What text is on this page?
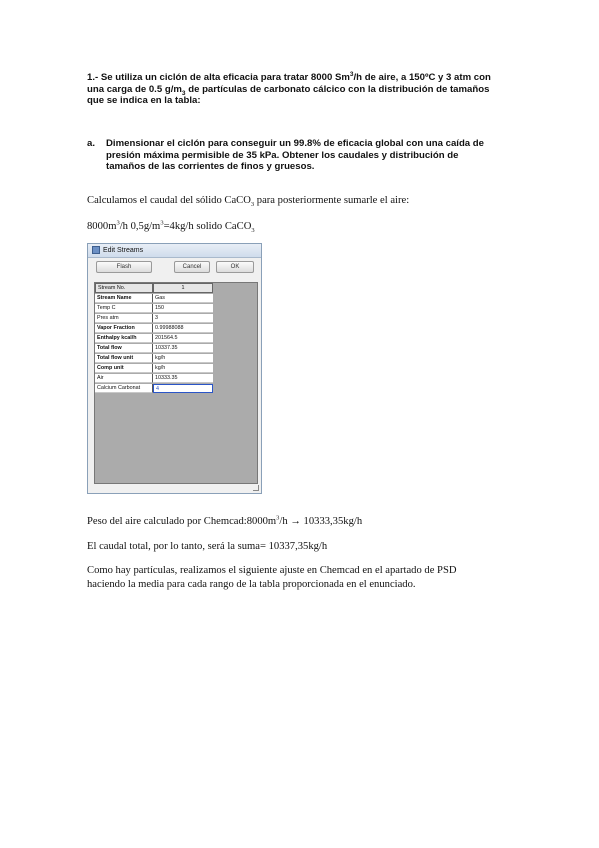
1.- Se utiliza un ciclón de alta eficacia para tratar 8000 Sm$^3$/h de aire, a 150ºC y 3 atm con
una carga de 0.5 $g/m_3$ de partículas de carbonato cálcico con la distribución de tamaños
que se indica en la tabla:
a. Dimensionar el ciclón para conseguir un 99.8% de eficacia global con una caída de
presión máxima permisible de 35 kPa. Obtener los caudales y distribución de
tamaños de las corrientes de finos y gruesos.
Calculamos el caudal del sólido CaCO$_3$ para posteriormente sumarle el aire:
$8000m^3/h$ $0,5g/m^3=4kg/h$ solido CaCO$_3$
Edit Streams
Flash	Cancel	OK
Stream No.	1
Stream Name	Gas
Temp C	150
Pres atm	3
Vapor Fraction	0.99988088
Enthalpy kcal/h	201564.5
Total flow	10337.35
Total flow unit	kg/h
Comp unit	kg/h
Air	10333.35
Calcium Carbonat	4
Peso del aire calculado por $Chemcad:8000m^3/h \to 10333,35kg/h$
El caudal total, por lo tanto, será la suma= 10337,35kg/h
Como hay partículas, realizamos el siguiente ajuste en Chemcad en el apartado de PSD
haciendo la media para cada rango de la tabla proporcionada en el enunciado.
